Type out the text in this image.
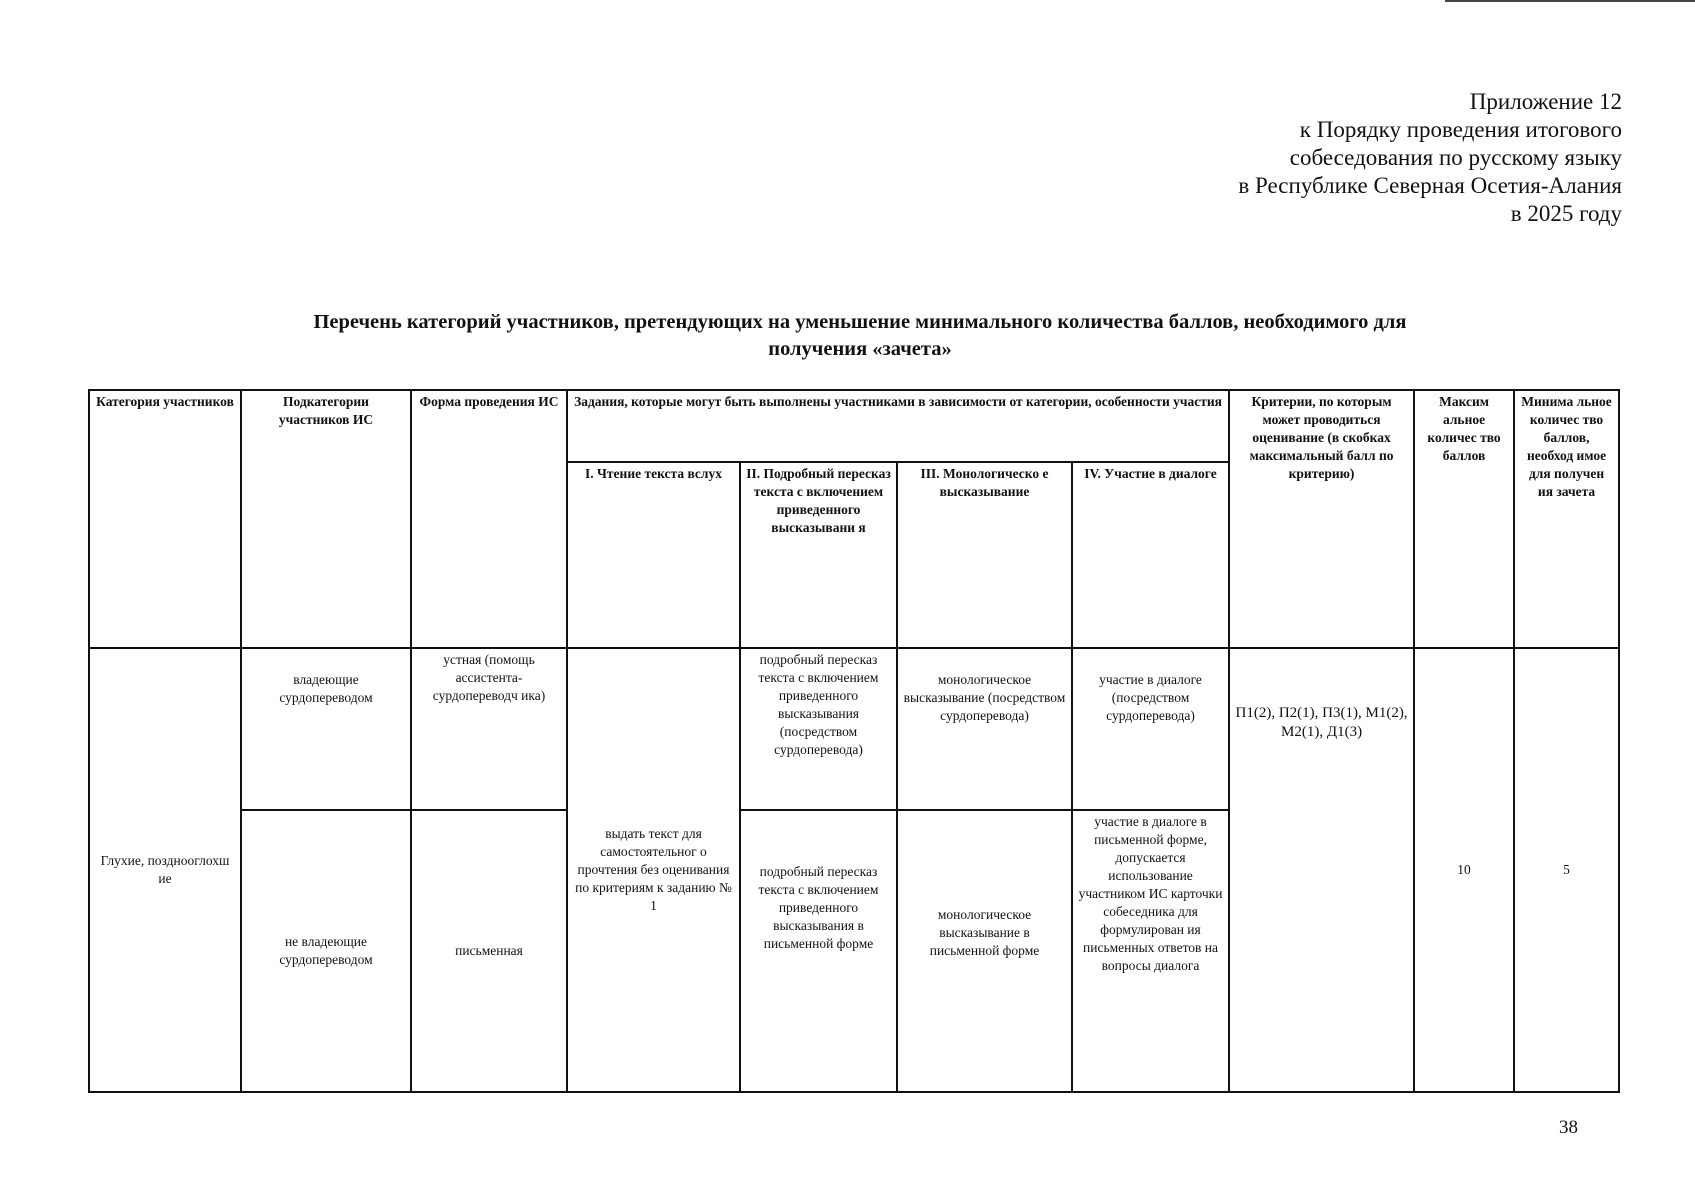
Приложение 12
к Порядку проведения итогового
собеседования по русскому языку
в Республике Северная Осетия-Алания
в 2025 году
Перечень категорий участников, претендующих на уменьшение минимального количества баллов, необходимого для
получения «зачета»
Категория участников	Подкатегории участников ИС	Форма проведения ИС	Задания, которые могут быть выполнены участниками в зависимости от категории, особенности участия				Критерии, по которым может проводиться оценивание (в скобках максимальный балл по критерию)	Максим альное количес тво баллов	Минима льное количес тво баллов, необход имое для получен ия зачета
			I. Чтение текста вслух	II. Подробный пересказ текста с включением приведенного высказывани я	III. Монологическо е высказывание	IV. Участие в диалоге			
Глухие, позднооглохш ие	владеющие сурдопереводом	устная (помощь ассистента- сурдопереводч ика)	выдать текст для самостоятельног о прочтения без оценивания по критериям к заданию № 1	подробный пересказ текста с включением приведенного высказывания (посредством сурдоперевода)	монологическое высказывание (посредством сурдоперевода)	участие в диалоге (посредством сурдоперевода)	П1(2), П2(1), П3(1), М1(2), М2(1), Д1(3)	10	5
	не владеющие сурдопереводом	письменная		подробный пересказ текста с включением приведенного высказывания в письменной форме	монологическое высказывание в письменной форме	участие в диалоге в письменной форме, допускается использование участником ИС карточки собеседника для формулирован ия письменных ответов на вопросы диалога			
38
